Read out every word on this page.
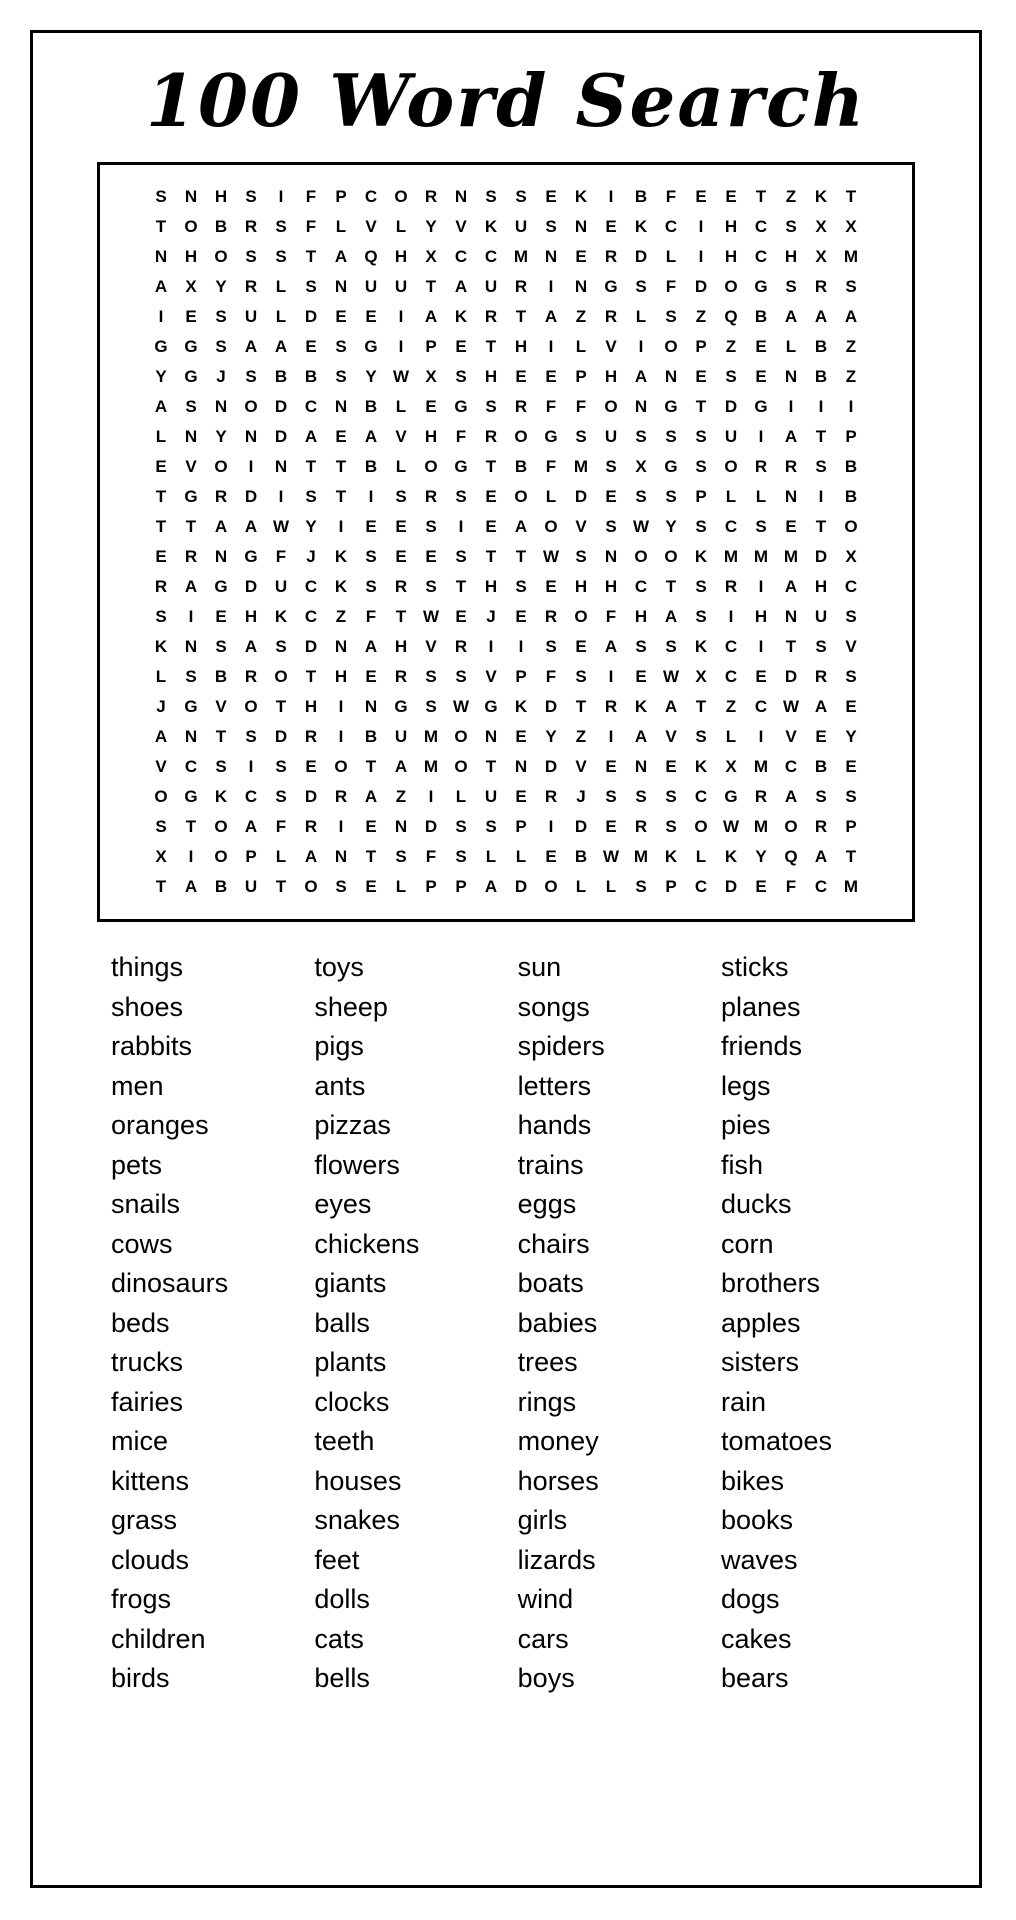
100 Word Search
S	N	H	S	I	F	P	C	O	R	N	S	S	E	K	I	B	F	E	E	T	Z	K	T
T	O	B	R	S	F	L	V	L	Y	V	K	U	S	N	E	K	C	I	H	C	S	X	X
N	H	O	S	S	T	A	Q	H	X	C	C M N	E	R	D	L	I	H	C	H	X	M
A	X	Y	R	L	S	N	U	U	T	A	U	R	I	N	G	S	F	D	O G	S	R	S
I	E	S	U	L	D	E	E	I	A	K	R	T	A	Z	R	L	S	Z	Q	B	A	A	A
G G	S	A	A	E	S	G	I	P	E	T	H	I	L	V	I	O	P	Z	E	L	B	Z
Y	G	J	S	B	B	S	Y W X	S	H	E	E	P	H	A	N	E	S	E	N	B	Z
A	S	N	O	D	C	N	B	L	E	G	S	R	F	F	O	N	G	T	D	G	I	I	I
L	N	Y	N	D	A	E	A	V	H	F	R	O G	S	U	S	S	S	U	I	A	T	P
E	V	O	I	N	T	T	B	L	O G	T	B	F	M	S	X	G	S	O	R	R	S	B
T	G	R	D	I	S	T	I	S	R	S	E	O	L	D	E	S	S	P	L	L	N	I	B
T	T	A	A W Y	I	E	E	S	I	E	A	O	V	S W Y	S	C	S	E	T	O
E	R	N	G	F	J	K	S	E	E	S	T	T W S	N	O O	K M M M D	X
R	A	G	D	U	C	K	S	R	S	T	H	S	E	H	H	C	T	S	R	I	A	H	C
S	I	E	H	K	C	Z	F	T W E	J	E	R	O	F	H	A	S	I	H	N	U	S
K	N	S	A	S	D	N	A	H	V	R	I	I	S	E	A	S	S	K	C	I	T	S	V
L	S	B	R	O	T	H	E	R	S	S	V	P	F	S	I	E W X	C	E	D	R	S
J	G	V	O	T	H	I	N	G	S W G	K	D	T	R	K	A	T	Z	C W A	E
A	N	T	S	D	R	I	B	U M O	N	E	Y	Z	I	A	V	S	L	I	V	E	Y
V	C	S	I	S	E	O	T	A M O	T	N	D	V	E	N	E	K	X	M C	B	E
O G	K	C	S	D	R	A	Z	I	L	U	E	R	J	S	S	S	C	G	R	A	S	S
S	T	O	A	F	R	I	E	N	D	S	S	P	I	D	E	R	S	O W M O	R	P
X	I	O	P	L	A	N	T	S	F	S	L	L	E	B W M K	L	K	Y	Q	A	T
T	A	B	U	T	O	S	E	L	P	P	A	D	O	L	L	S	P	C	D	E	F	C M
things
shoes
rabbits
men
oranges
pets
snails
cows
dinosaurs
beds
trucks
fairies
mice
kittens
grass
clouds
frogs
children
birds
toys
sheep
pigs
ants
pizzas
flowers
eyes
chickens
giants
balls
plants
clocks
teeth
houses
snakes
feet
dolls
cats
bells
sun
songs
spiders
letters
hands
trains
eggs
chairs
boats
babies
trees
rings
money
horses
girls
lizards
wind
cars
boys
sticks
planes
friends
legs
pies
fish
ducks
corn
brothers
apples
sisters
rain
tomatoes
bikes
books
waves
dogs
cakes
bears
